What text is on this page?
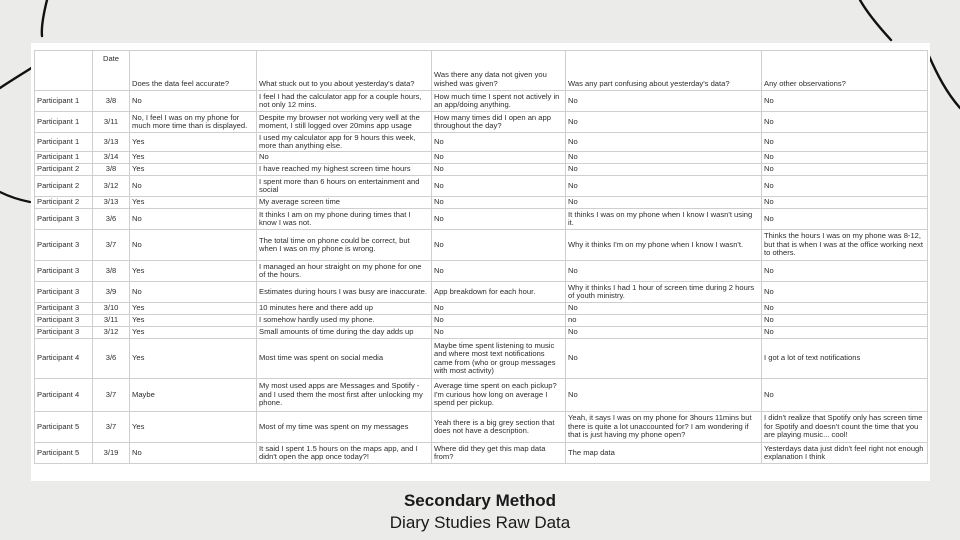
	Date	Does the data feel accurate?	What stuck out to you about yesterday's data?	Was there any data not given you wished was given?	Was any part confusing about yesterday's data?	Any other observations?
Participant 1	3/8	No	I feel I had the calculator app for a couple hours, not only 12 mins.	How much time I spent not actively in an app/doing anything.	No	No
Participant 1	3/11	No, I feel I was on my phone for much more time than is displayed.	Despite my browser not working very well at the moment, I still logged over 20mins app usage	How many times did I open an app throughout the day?	No	No
Participant 1	3/13	Yes	I used my calculator app for 9 hours this week, more than anything else.	No	No	No
Participant 1	3/14	Yes	No	No	No	No
Participant 2	3/8	Yes	I have reached my highest screen time hours	No	No	No
Participant 2	3/12	No	I spent more than 6 hours on entertainment and social	No	No	No
Participant 2	3/13	Yes	My average screen time	No	No	No
Participant 3	3/6	No	It thinks I am on my phone during times that I know I was not.	No	It thinks I was on my phone when I know I wasn't using it.	No
Participant 3	3/7	No	The total time on phone could be correct, but when I was on my phone is wrong.	No	Why it thinks I'm on my phone when I know I wasn't.	Thinks the hours I was on my phone was 8-12, but that is when I was at the office working next to others.
Participant 3	3/8	Yes	I managed an hour straight on my phone for one of the hours.	No	No	No
Participant 3	3/9	No	Estimates during hours I was busy are inaccurate.	App breakdown for each hour.	Why it thinks I had 1 hour of screen time during 2 hours of youth ministry.	No
Participant 3	3/10	Yes	10 minutes here and there add up	No	No	No
Participant 3	3/11	Yes	I somehow hardly used my phone.	No	no	No
Participant 3	3/12	Yes	Small amounts of time during the day adds up	No	No	No
Participant 4	3/6	Yes	Most time was spent on social media	Maybe time spent listening to music and where most text notifications came from (who or group messages with most activity)	No	I got a lot of text notifications
Participant 4	3/7	Maybe	My most used apps are Messages and Spotify - and I used them the most first after unlocking my phone.	Average time spent on each pickup? I'm curious how long on average I spend per pickup.	No	No
Participant 5	3/7	Yes	Most of my time was spent on my messages	Yeah there is a big grey section that does not have a description.	Yeah, it says I was on my phone for 3hours 11mins but there is quite a lot unaccounted for? I am wondering if that is just having my phone open?	I didn't realize that Spotify only has screen time for Spotify and doesn't count the time that you are playing music... cool!
Participant 5	3/19	No	It said I spent 1.5 hours on the maps app, and I didn't open the app once today?!	Where did they get this map data from?	The map data	Yesterdays data just didn't feel right not enough explanation I think
Secondary Method
Diary Studies Raw Data
